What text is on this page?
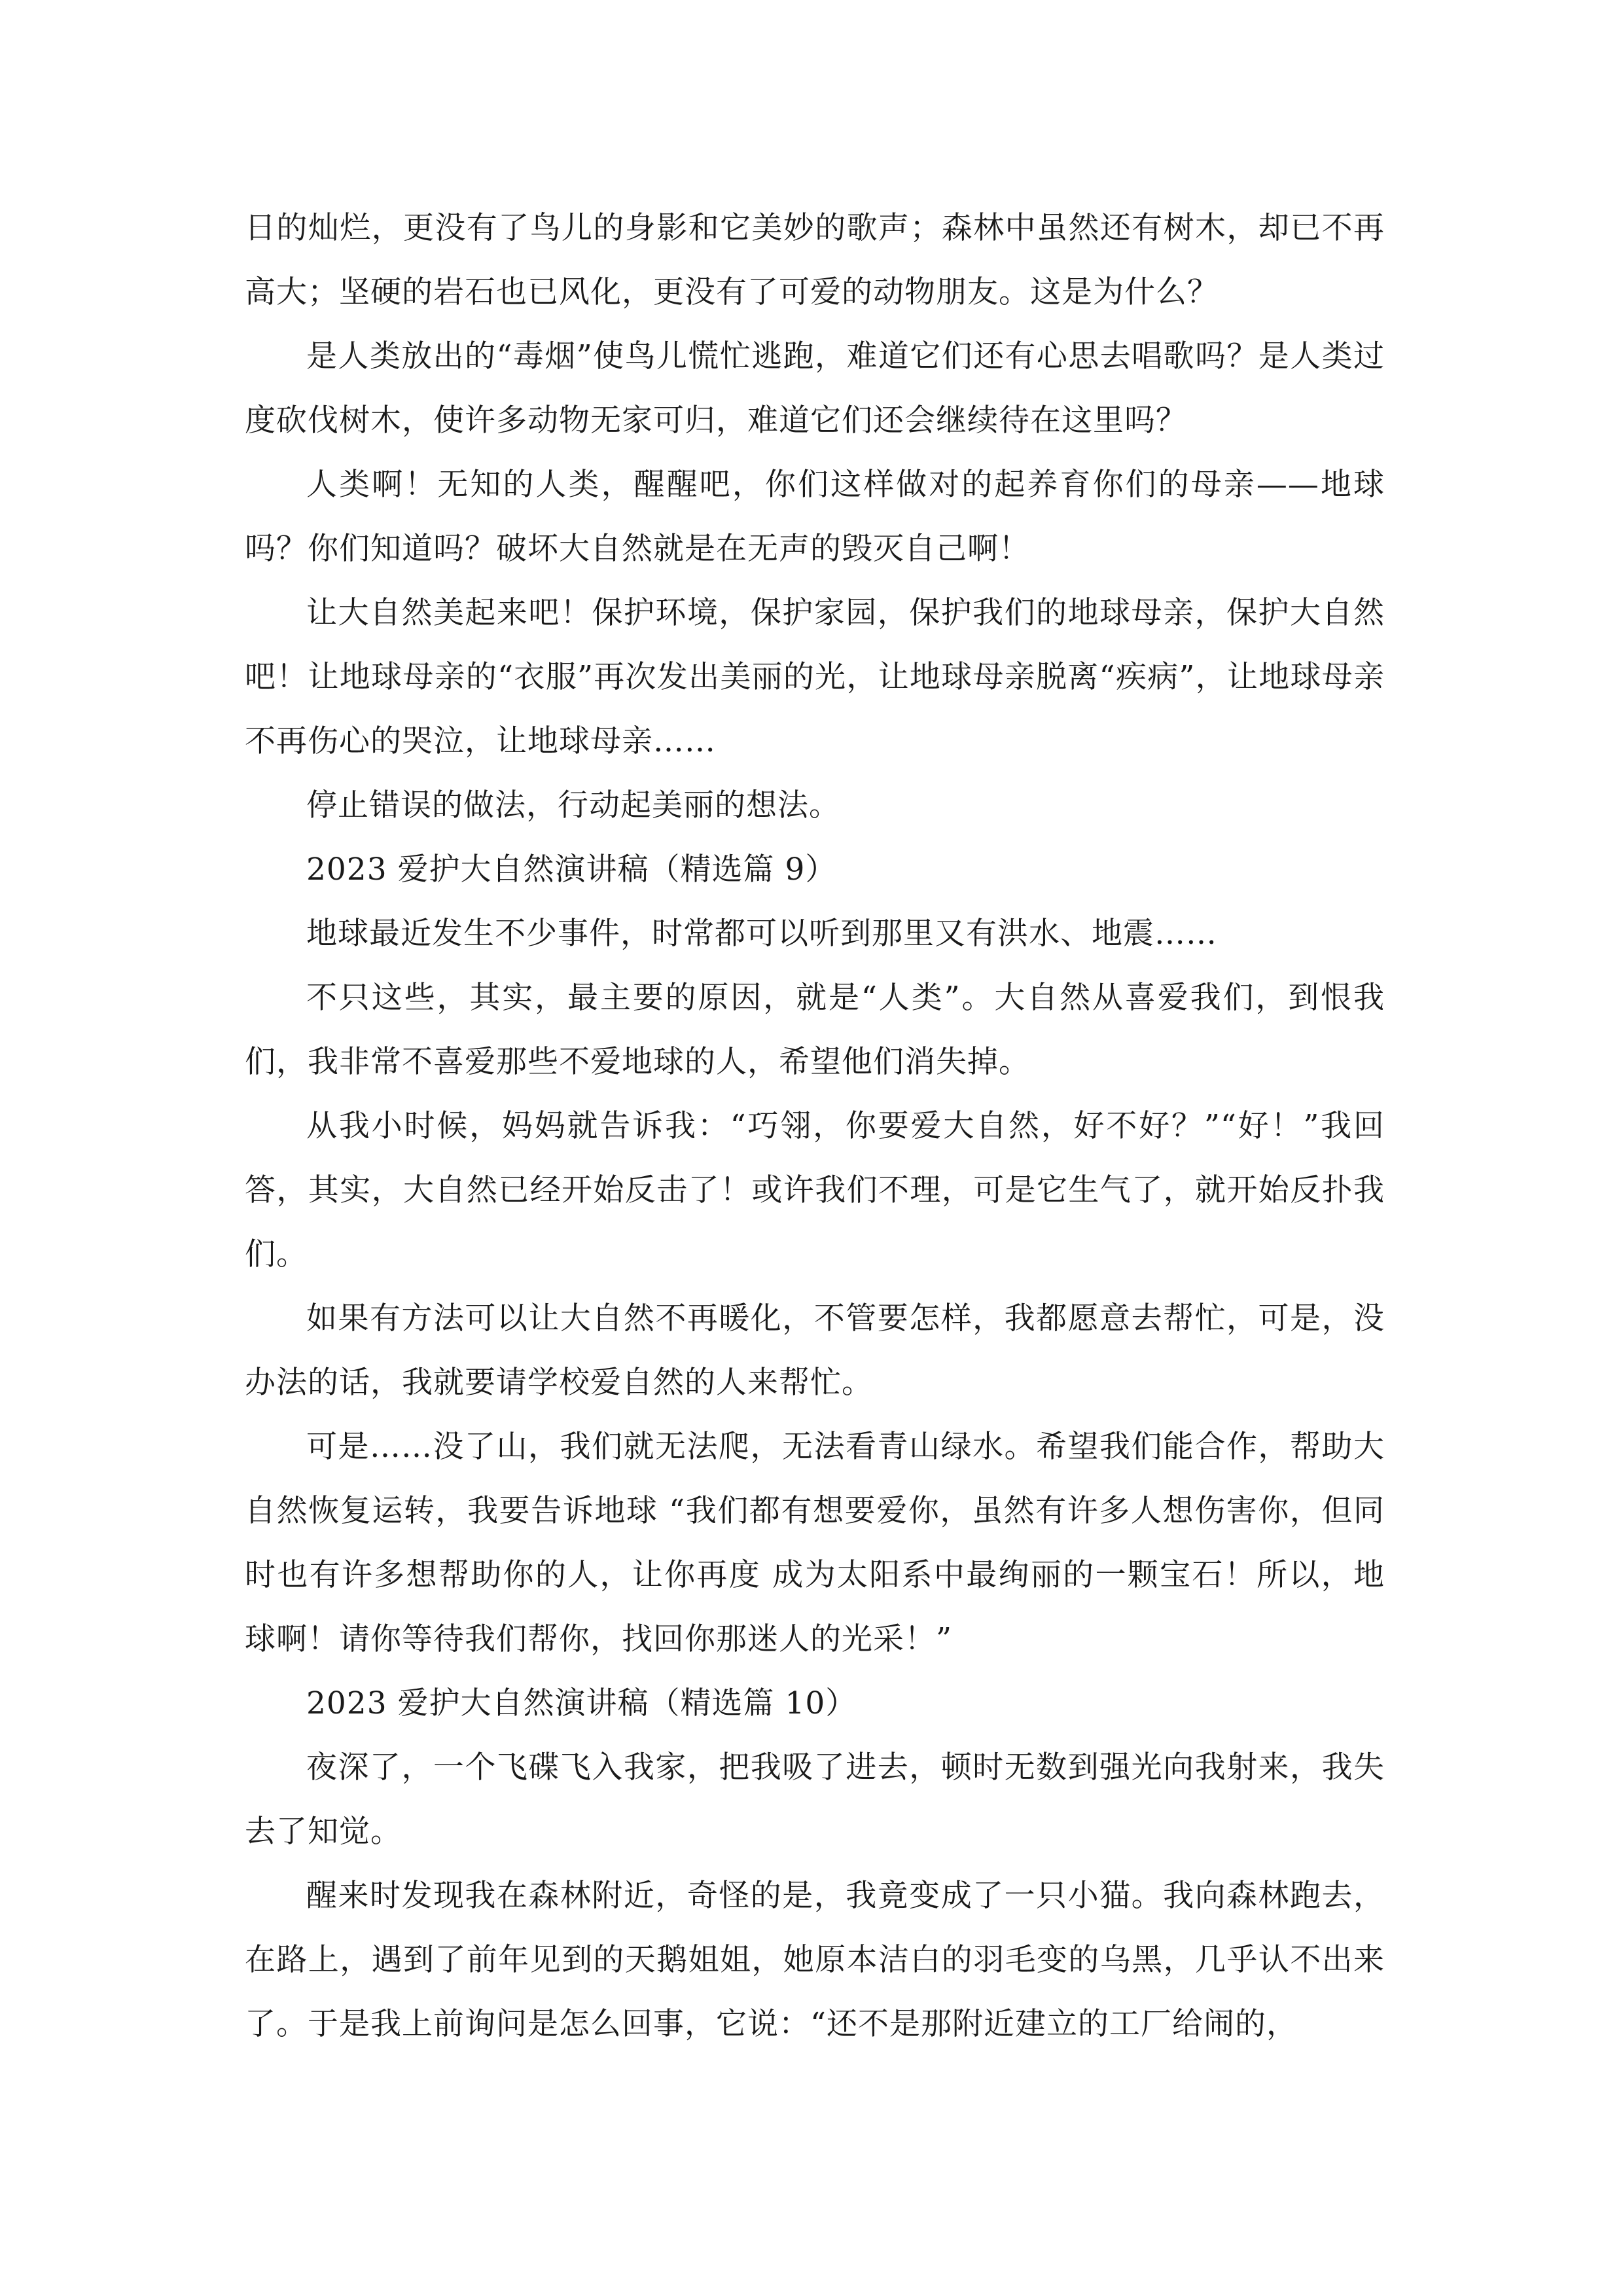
日的灿烂，更没有了鸟儿的身影和它美妙的歌声；森林中虽然还有树木，却已不再高大；坚硬的岩石也已风化，更没有了可爱的动物朋友。这是为什么？

是人类放出的“毒烟”使鸟儿慌忙逃跑，难道它们还有心思去唱歌吗？是人类过度砍伐树木，使许多动物无家可归，难道它们还会继续待在这里吗？

人类啊！无知的人类，醒醒吧，你们这样做对的起养育你们的母亲——地球吗？你们知道吗？破坏大自然就是在无声的毁灭自己啊！

让大自然美起来吧！保护环境，保护家园，保护我们的地球母亲，保护大自然吧！让地球母亲的“衣服”再次发出美丽的光，让地球母亲脱离“疾病”，让地球母亲不再伤心的哭泣，让地球母亲……

停止错误的做法，行动起美丽的想法。

2023 爱护大自然演讲稿（精选篇 9）

地球最近发生不少事件，时常都可以听到那里又有洪水、地震……

不只这些，其实，最主要的原因，就是“人类”。大自然从喜爱我们，到恨我们，我非常不喜爱那些不爱地球的人，希望他们消失掉。

从我小时候，妈妈就告诉我：“巧翎，你要爱大自然，好不好？”“好！”我回答，其实，大自然已经开始反击了！或许我们不理，可是它生气了，就开始反扑我们。

如果有方法可以让大自然不再暖化，不管要怎样，我都愿意去帮忙，可是，没办法的话，我就要请学校爱自然的人来帮忙。

可是……没了山，我们就无法爬，无法看青山绿水。希望我们能合作，帮助大自然恢复运转，我要告诉地球 “我们都有想要爱你，虽然有许多人想伤害你，但同时也有许多想帮助你的人，让你再度 成为太阳系中最绚丽的一颗宝石！所以，地球啊！请你等待我们帮你，找回你那迷人的光采！”

2023 爱护大自然演讲稿（精选篇 10）

夜深了，一个飞碟飞入我家，把我吸了进去，顿时无数到强光向我射来，我失去了知觉。

醒来时发现我在森林附近，奇怪的是，我竟变成了一只小猫。我向森林跑去，在路上，遇到了前年见到的天鹅姐姐，她原本洁白的羽毛变的乌黑，几乎认不出来了。于是我上前询问是怎么回事，它说：“还不是那附近建立的工厂给闹的，
